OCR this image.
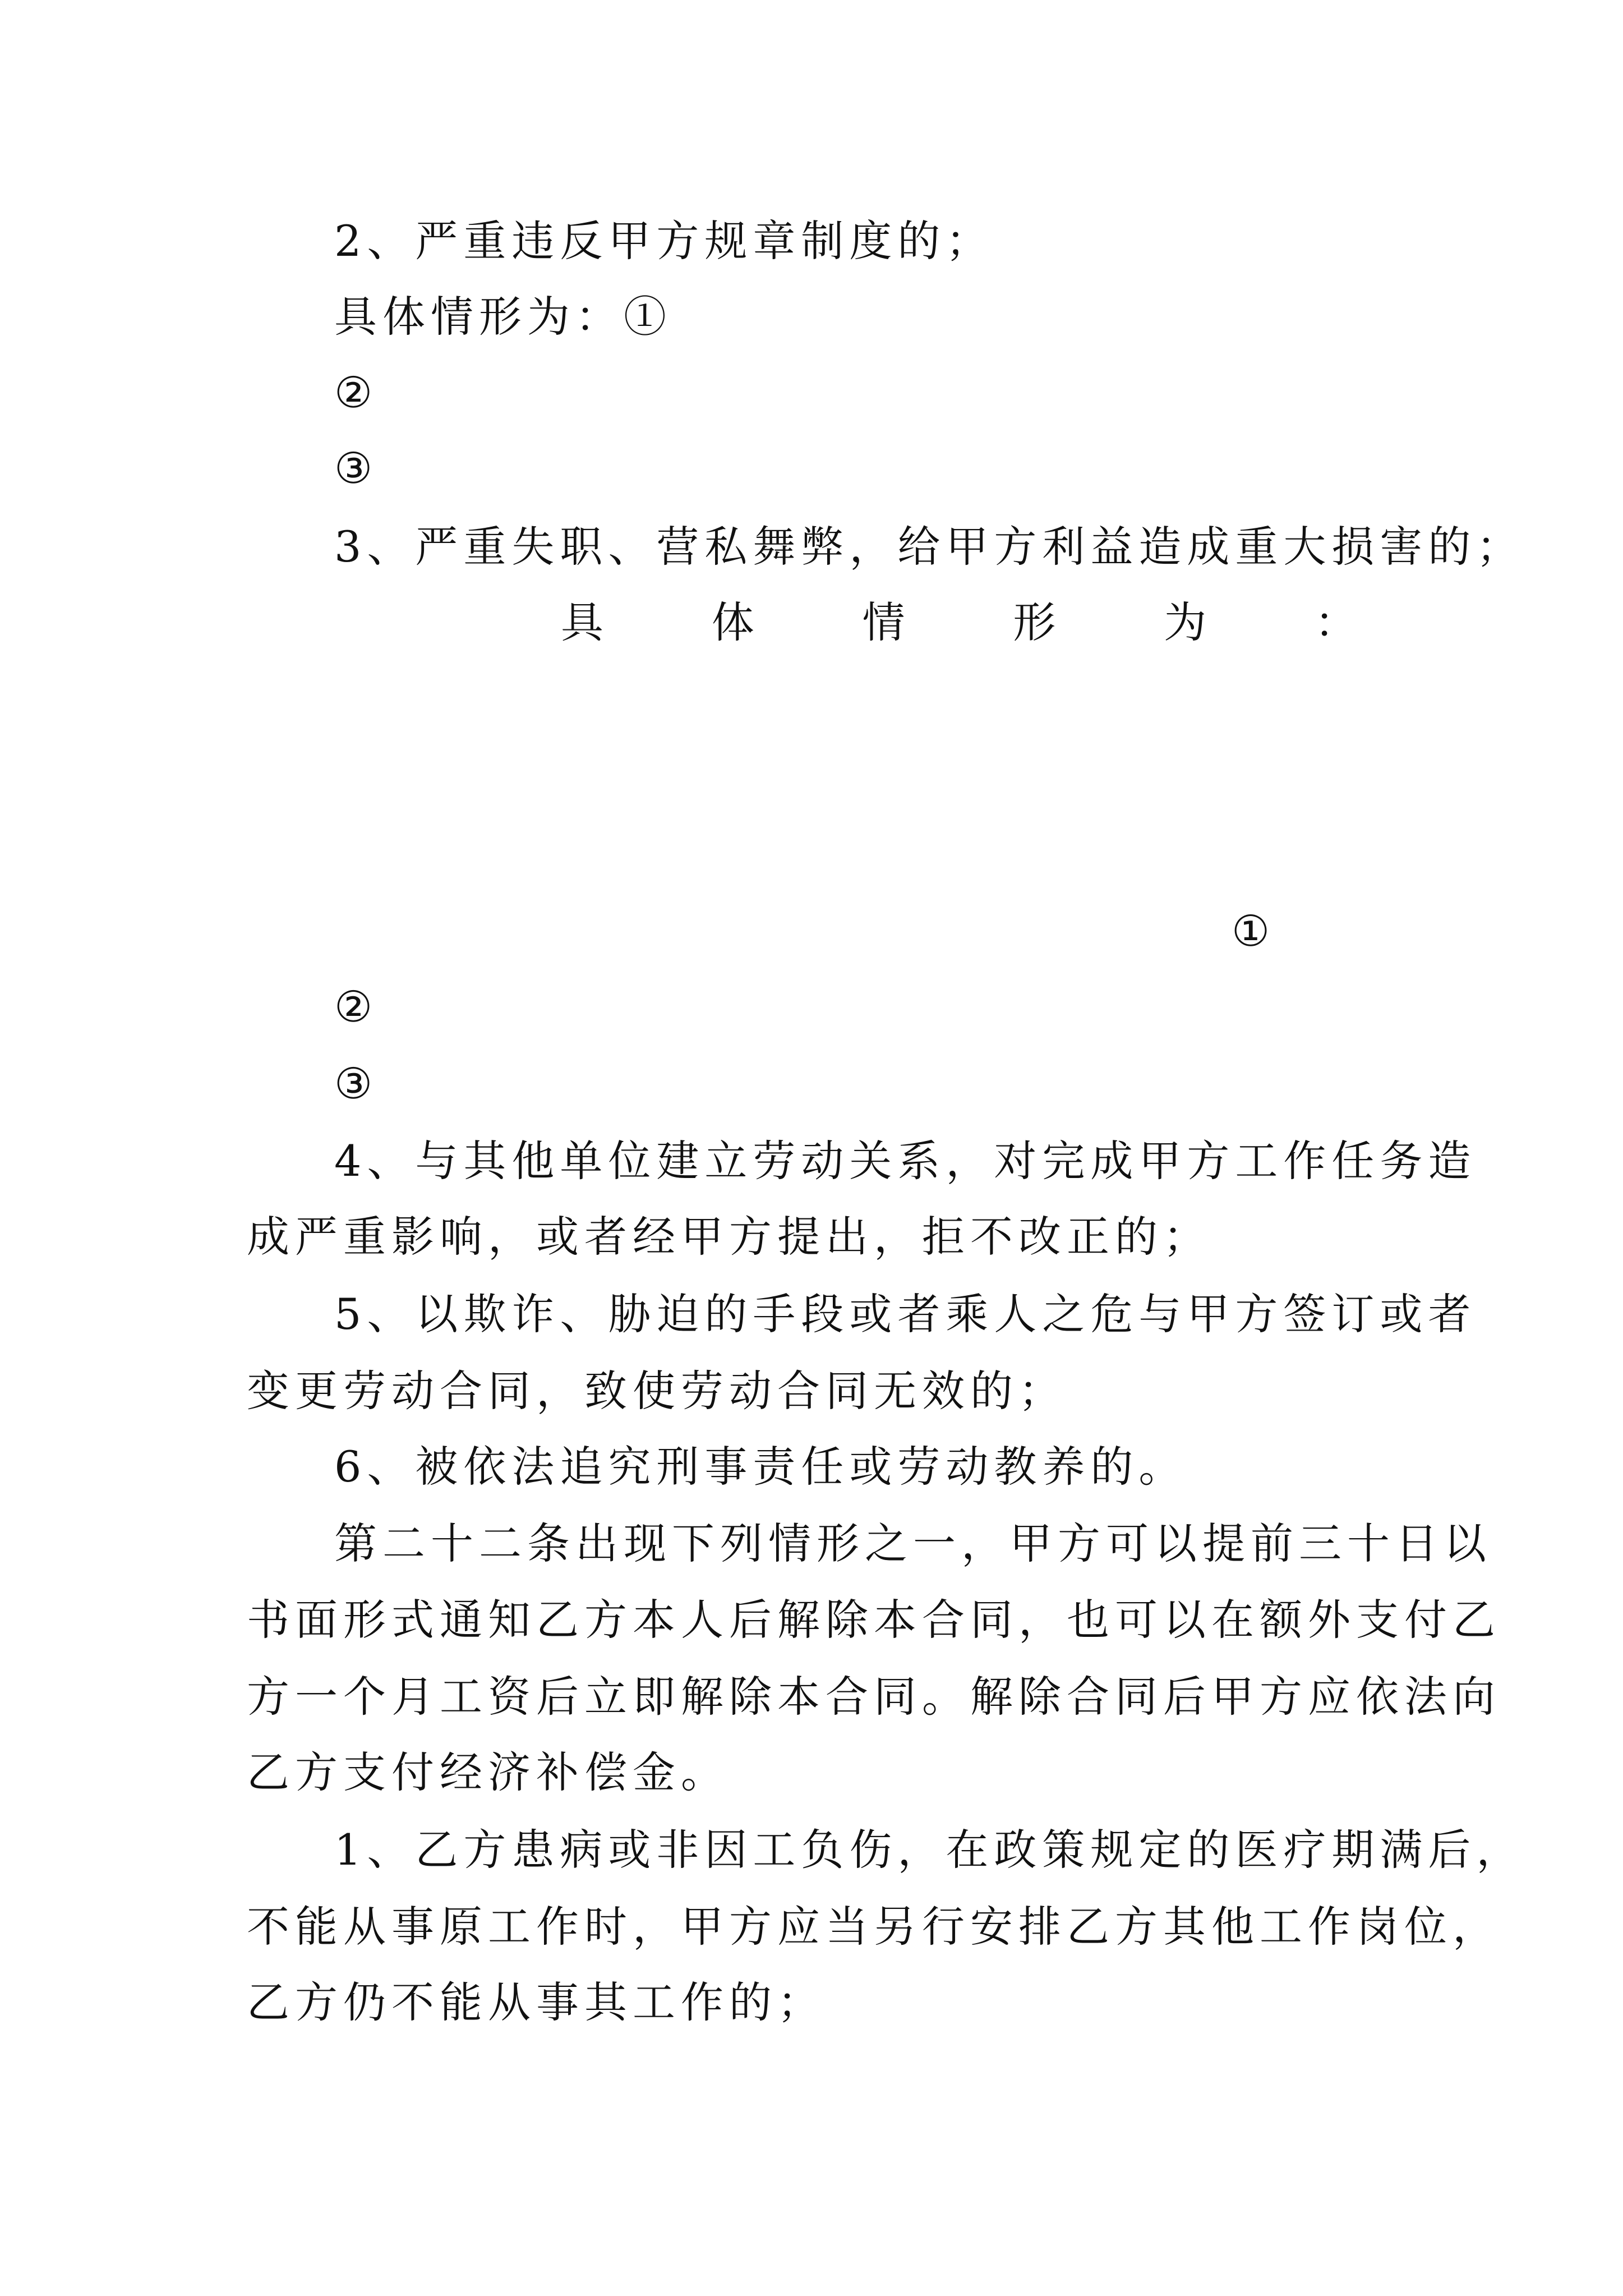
2、严重违反甲方规章制度的；
具体情形为：①
②
③
3、严重失职、营私舞弊，给甲方利益造成重大损害的；
具	体	情	形	为	：
①
②
③
4、与其他单位建立劳动关系，对完成甲方工作任务造
成严重影响，或者经甲方提出，拒不改正的；
5、以欺诈、胁迫的手段或者乘人之危与甲方签订或者
变更劳动合同，致使劳动合同无效的；
6、被依法追究刑事责任或劳动教养的。
第二十二条出现下列情形之一，甲方可以提前三十日以
书面形式通知乙方本人后解除本合同，也可以在额外支付乙
方一个月工资后立即解除本合同。解除合同后甲方应依法向
乙方支付经济补偿金。
1、乙方患病或非因工负伤，在政策规定的医疗期满后，
不能从事原工作时，甲方应当另行安排乙方其他工作岗位，
乙方仍不能从事其工作的；
